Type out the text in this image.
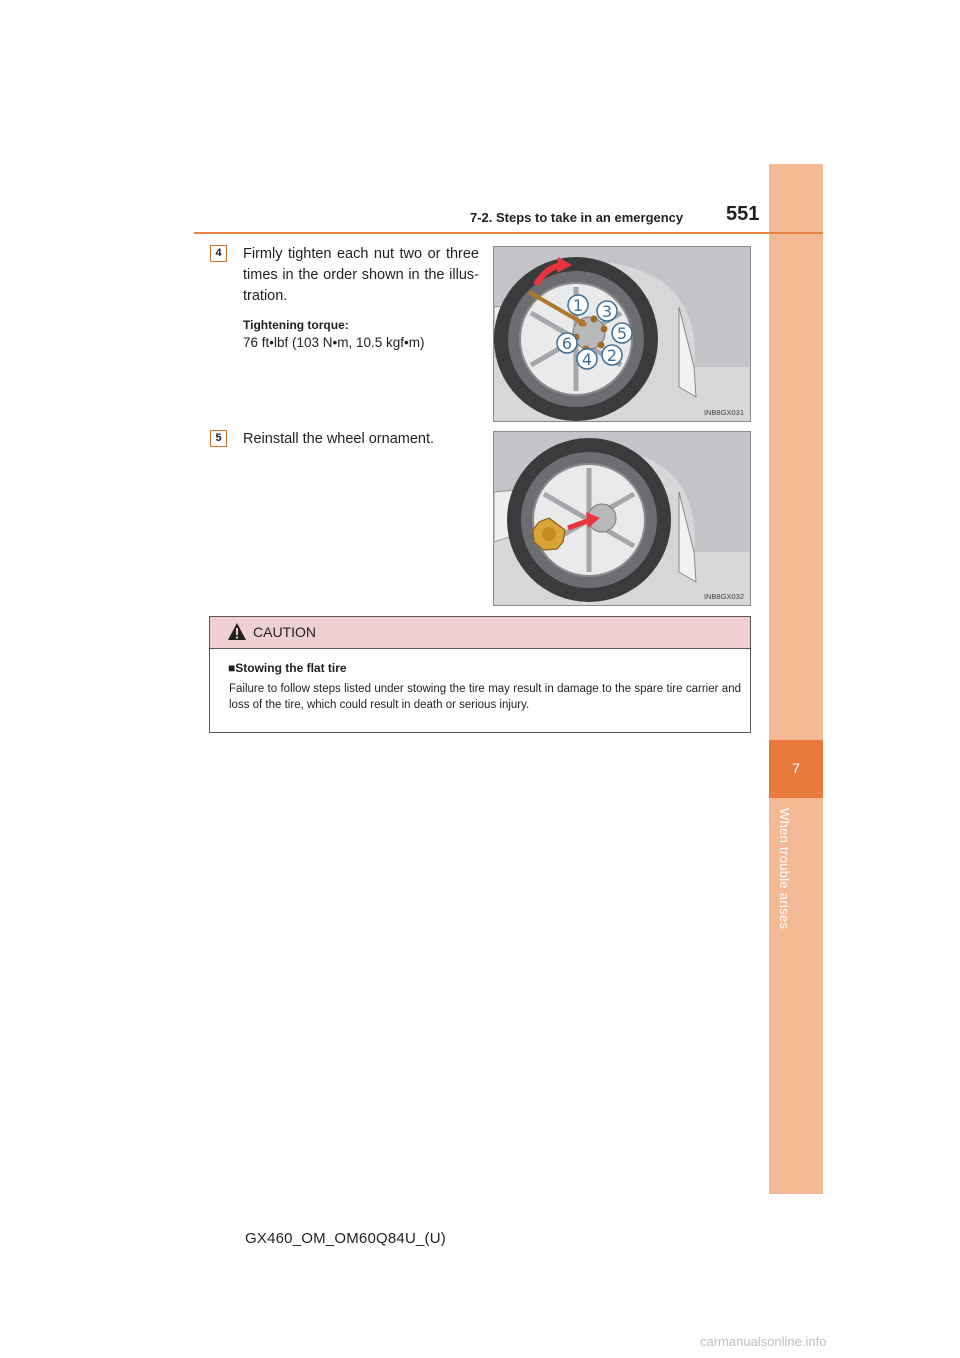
7
When trouble arises
7-2. Steps to take in an emergency 551
4	Firmly tighten each nut two or three times in the order shown in the illus-tration.
Tightening torque:
76 ft•lbf (103 N•m, 10.5 kgf•m)
1 3
5
6
4 2
INB8GX031
5	Reinstall the wheel ornament.
INB8GX032
CAUTION
■Stowing the flat tire
Failure to follow steps listed under stowing the tire may result in damage to the spare tire carrier and loss of the tire, which could result in death or serious injury.
GX460_OM_OM60Q84U_(U)
carmanualsonline.info
